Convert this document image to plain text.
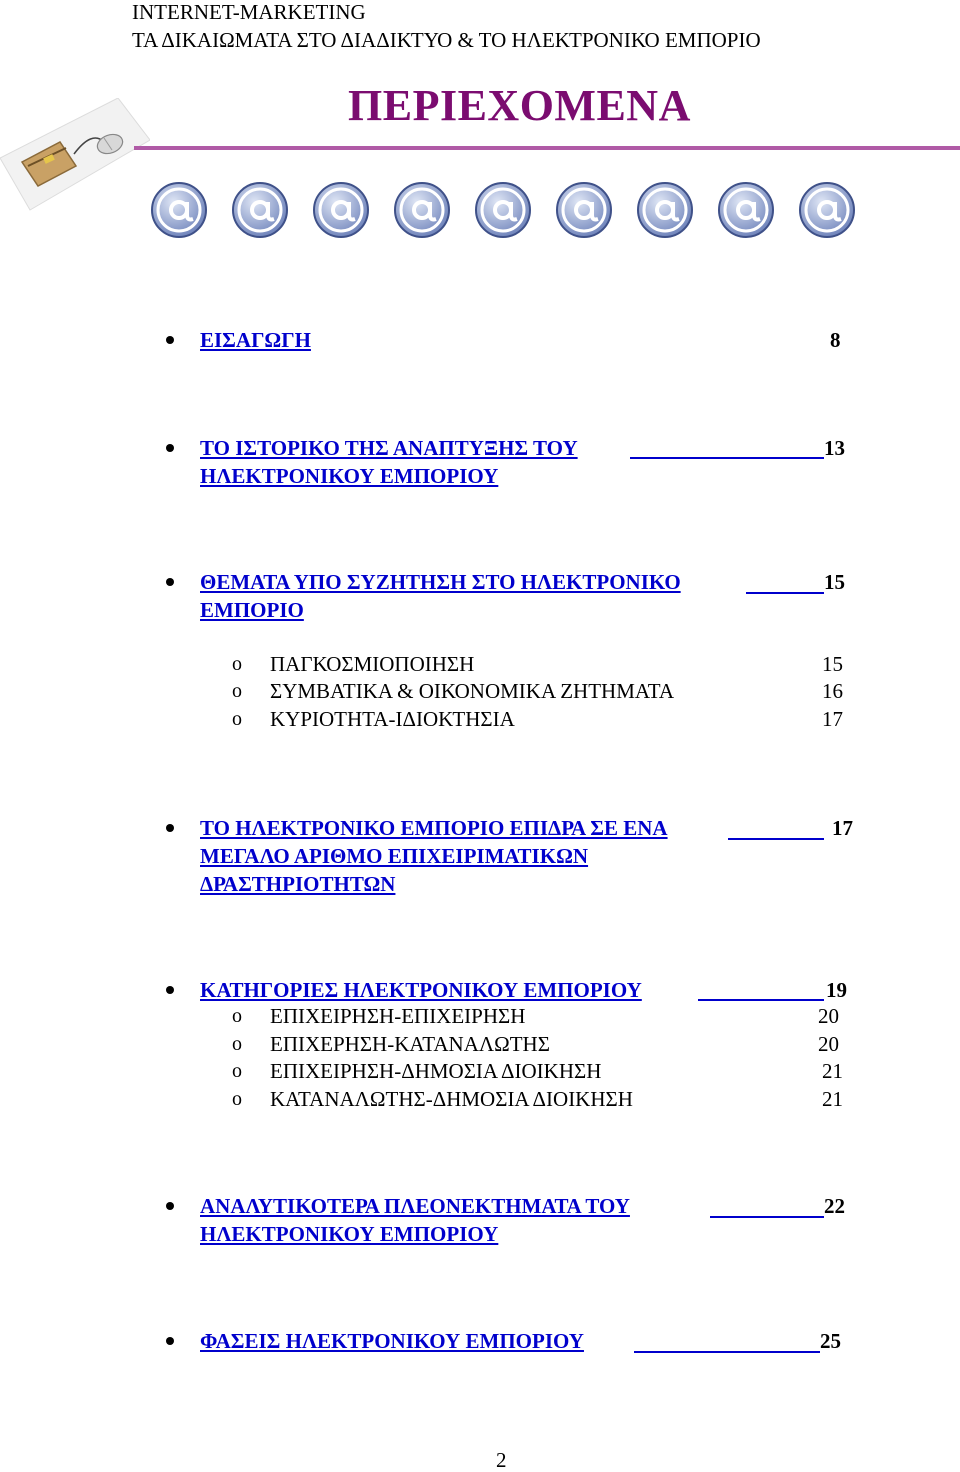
INTERNET-MARKETING
ΤΑ ΔΙΚΑΙΩΜΑΤΑ ΣΤΟ ΔΙΑΔΙΚΤΥΟ & ΤΟ ΗΛΕΚΤΡΟΝΙΚΟ ΕΜΠΟΡΙΟ
ΠΕΡΙΕΧΟΜΕΝΑ
ΕΙΣΑΓΩΓΗ	8
ΤΟ ΙΣΤΟΡΙΚΟ ΤΗΣ ΑΝΑΠΤΥΞΗΣ ΤΟΥ	13
ΗΛΕΚΤΡΟΝΙΚΟΥ ΕΜΠΟΡΙΟΥ
ΘΕΜΑΤΑ ΥΠΟ ΣΥΖΗΤΗΣΗ ΣΤΟ ΗΛΕΚΤΡΟΝΙΚΟ	15
ΕΜΠΟΡΙΟ
o ΠΑΓΚΟΣΜΙΟΠΟΙΗΣΗ	15
o ΣΥΜΒΑΤΙΚΑ & ΟΙΚΟΝΟΜΙΚΑ ΖΗΤΗΜΑΤΑ	16
o ΚΥΡΙΟΤΗΤΑ-ΙΔΙΟΚΤΗΣΙΑ	17
ΤΟ ΗΛΕΚΤΡΟΝΙΚΟ ΕΜΠΟΡΙΟ ΕΠΙΔΡΑ ΣΕ ΕΝΑ	17
ΜΕΓΑΛΟ ΑΡΙΘΜΟ ΕΠΙΧΕΙΡΙΜΑΤΙΚΩΝ
ΔΡΑΣΤΗΡΙΟΤΗΤΩΝ
ΚΑΤΗΓΟΡΙΕΣ ΗΛΕΚΤΡΟΝΙΚΟΥ ΕΜΠΟΡΙΟΥ	19
o ΕΠΙΧΕΙΡΗΣΗ-ΕΠΙΧΕΙΡΗΣΗ	20
o ΕΠΙΧΕΡΗΣΗ-ΚΑΤΑΝΑΛΩΤΗΣ	20
o ΕΠΙΧΕΙΡΗΣΗ-ΔΗΜΟΣΙΑ ΔΙΟΙΚΗΣΗ	21
o ΚΑΤΑΝΑΛΩΤΗΣ-ΔΗΜΟΣΙΑ ΔΙΟΙΚΗΣΗ	21
ΑΝΑΛΥΤΙΚΟΤΕΡΑ ΠΛΕΟΝΕΚΤΗΜΑΤΑ ΤΟΥ	22
ΗΛΕΚΤΡΟΝΙΚΟΥ ΕΜΠΟΡΙΟΥ
ΦΑΣΕΙΣ ΗΛΕΚΤΡΟΝΙΚΟΥ ΕΜΠΟΡΙΟΥ	25
2
